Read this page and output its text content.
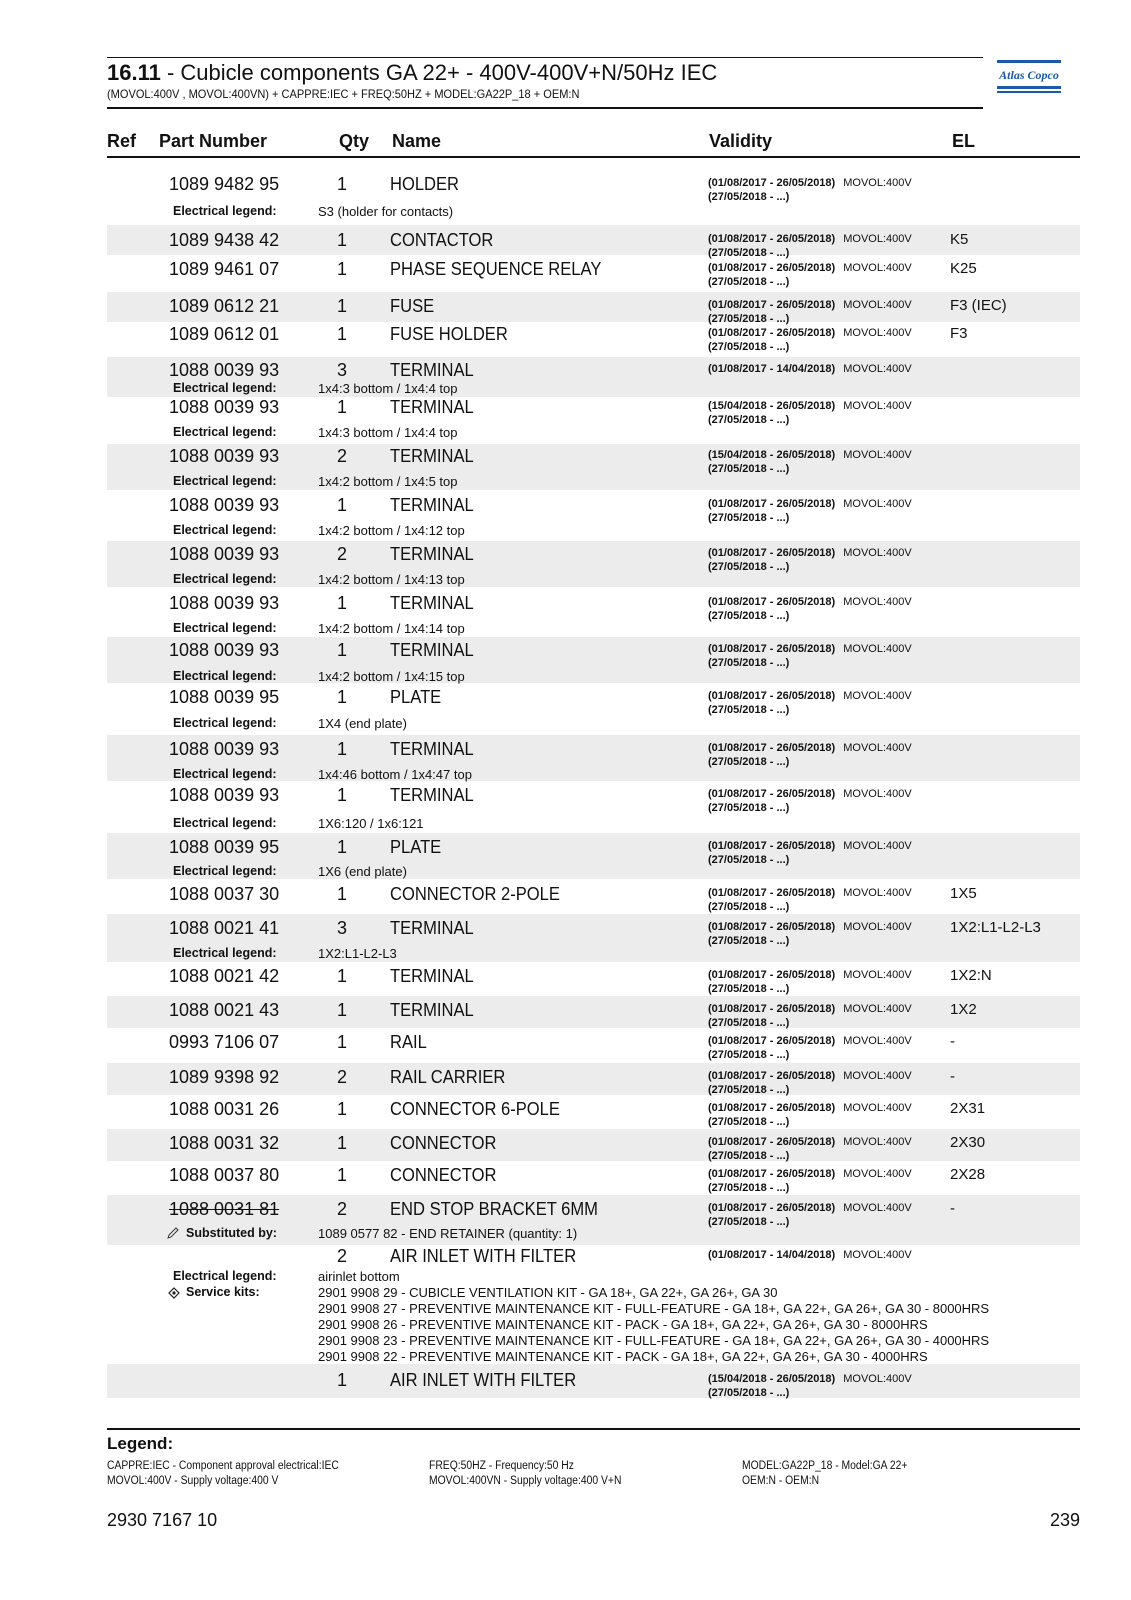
16.11 - Cubicle components GA 22+ - 400V-400V+N/50Hz IEC
(MOVOL:400V , MOVOL:400VN) + CAPPRE:IEC + FREQ:50HZ + MODEL:GA22P_18 + OEM:N
Atlas Copco
Ref Part Number	Qty Name	Validity	EL
1089 9482 95	1 HOLDER	(01/08/2017 - 26/05/2018) MOVOL:400V
(27/05/2018 - ...)
Electrical legend:	S3 (holder for contacts)
1089 9438 42	1 CONTACTOR	(01/08/2017 - 26/05/2018) MOVOL:400V
(27/05/2018 - ...)
K5
1089 9461 07	1 PHASE SEQUENCE RELAY	(01/08/2017 - 26/05/2018) MOVOL:400V
(27/05/2018 - ...)
K25
1089 0612 21	1 FUSE	(01/08/2017 - 26/05/2018) MOVOL:400V
(27/05/2018 - ...)
F3 (IEC)
1089 0612 01	1 FUSE HOLDER	(01/08/2017 - 26/05/2018) MOVOL:400V
(27/05/2018 - ...)
F3
1088 0039 93	3 TERMINAL	(01/08/2017 - 14/04/2018) MOVOL:400V
Electrical legend:	1x4:3 bottom / 1x4:4 top
1088 0039 93	1 TERMINAL	(15/04/2018 - 26/05/2018) MOVOL:400V
(27/05/2018 - ...)
Electrical legend:	1x4:3 bottom / 1x4:4 top
1088 0039 93	2 TERMINAL	(15/04/2018 - 26/05/2018) MOVOL:400V
(27/05/2018 - ...)
Electrical legend:	1x4:2 bottom / 1x4:5 top
1088 0039 93	1 TERMINAL	(01/08/2017 - 26/05/2018) MOVOL:400V
(27/05/2018 - ...)
Electrical legend:	1x4:2 bottom / 1x4:12 top
1088 0039 93	2 TERMINAL	(01/08/2017 - 26/05/2018) MOVOL:400V
(27/05/2018 - ...)
Electrical legend:	1x4:2 bottom / 1x4:13 top
1088 0039 93	1 TERMINAL	(01/08/2017 - 26/05/2018) MOVOL:400V
(27/05/2018 - ...)
Electrical legend:	1x4:2 bottom / 1x4:14 top
1088 0039 93	1 TERMINAL	(01/08/2017 - 26/05/2018) MOVOL:400V
(27/05/2018 - ...)
Electrical legend:	1x4:2 bottom / 1x4:15 top
1088 0039 95	1 PLATE	(01/08/2017 - 26/05/2018) MOVOL:400V
(27/05/2018 - ...)
Electrical legend:	1X4 (end plate)
1088 0039 93	1 TERMINAL	(01/08/2017 - 26/05/2018) MOVOL:400V
(27/05/2018 - ...)
Electrical legend:	1x4:46 bottom / 1x4:47 top
1088 0039 93	1 TERMINAL	(01/08/2017 - 26/05/2018) MOVOL:400V
(27/05/2018 - ...)
Electrical legend:	1X6:120 / 1x6:121
1088 0039 95	1 PLATE	(01/08/2017 - 26/05/2018) MOVOL:400V
(27/05/2018 - ...)
Electrical legend:	1X6 (end plate)
1088 0037 30	1 CONNECTOR 2-POLE	(01/08/2017 - 26/05/2018) MOVOL:400V
(27/05/2018 - ...)
1X5
1088 0021 41	3 TERMINAL	(01/08/2017 - 26/05/2018) MOVOL:400V
(27/05/2018 - ...)
1X2:L1-L2-L3
Electrical legend:	1X2:L1-L2-L3
1088 0021 42	1 TERMINAL	(01/08/2017 - 26/05/2018) MOVOL:400V
(27/05/2018 - ...)
1X2:N
1088 0021 43	1 TERMINAL	(01/08/2017 - 26/05/2018) MOVOL:400V
(27/05/2018 - ...)
1X2
0993 7106 07	1 RAIL	(01/08/2017 - 26/05/2018) MOVOL:400V
(27/05/2018 - ...)
-
1089 9398 92	2 RAIL CARRIER	(01/08/2017 - 26/05/2018) MOVOL:400V
(27/05/2018 - ...)
-
1088 0031 26	1 CONNECTOR 6-POLE	(01/08/2017 - 26/05/2018) MOVOL:400V
(27/05/2018 - ...)
2X31
1088 0031 32	1 CONNECTOR	(01/08/2017 - 26/05/2018) MOVOL:400V
(27/05/2018 - ...)
2X30
1088 0037 80	1 CONNECTOR	(01/08/2017 - 26/05/2018) MOVOL:400V
(27/05/2018 - ...)
2X28
1088 0031 81	2 END STOP BRACKET 6MM	(01/08/2017 - 26/05/2018) MOVOL:400V
(27/05/2018 - ...)
-
Substituted by:	1089 0577 82 - END RETAINER (quantity: 1)
2 AIR INLET WITH FILTER	(01/08/2017 - 14/04/2018) MOVOL:400V
Electrical legend:	airinlet bottom
Service kits:	2901 9908 29 - CUBICLE VENTILATION KIT - GA 18+, GA 22+, GA 26+, GA 30
2901 9908 27 - PREVENTIVE MAINTENANCE KIT - FULL-FEATURE - GA 18+, GA 22+, GA 26+, GA 30 - 8000HRS
2901 9908 26 - PREVENTIVE MAINTENANCE KIT - PACK - GA 18+, GA 22+, GA 26+, GA 30 - 8000HRS
2901 9908 23 - PREVENTIVE MAINTENANCE KIT - FULL-FEATURE - GA 18+, GA 22+, GA 26+, GA 30 - 4000HRS
2901 9908 22 - PREVENTIVE MAINTENANCE KIT - PACK - GA 18+, GA 22+, GA 26+, GA 30 - 4000HRS
1 AIR INLET WITH FILTER	(15/04/2018 - 26/05/2018) MOVOL:400V
(27/05/2018 - ...)
Legend:
CAPPRE:IEC - Component approval electrical:IEC	FREQ:50HZ - Frequency:50 Hz	MODEL:GA22P_18 - Model:GA 22+
MOVOL:400V - Supply voltage:400 V	MOVOL:400VN - Supply voltage:400 V+N	OEM:N - OEM:N
2930 7167 10	239
